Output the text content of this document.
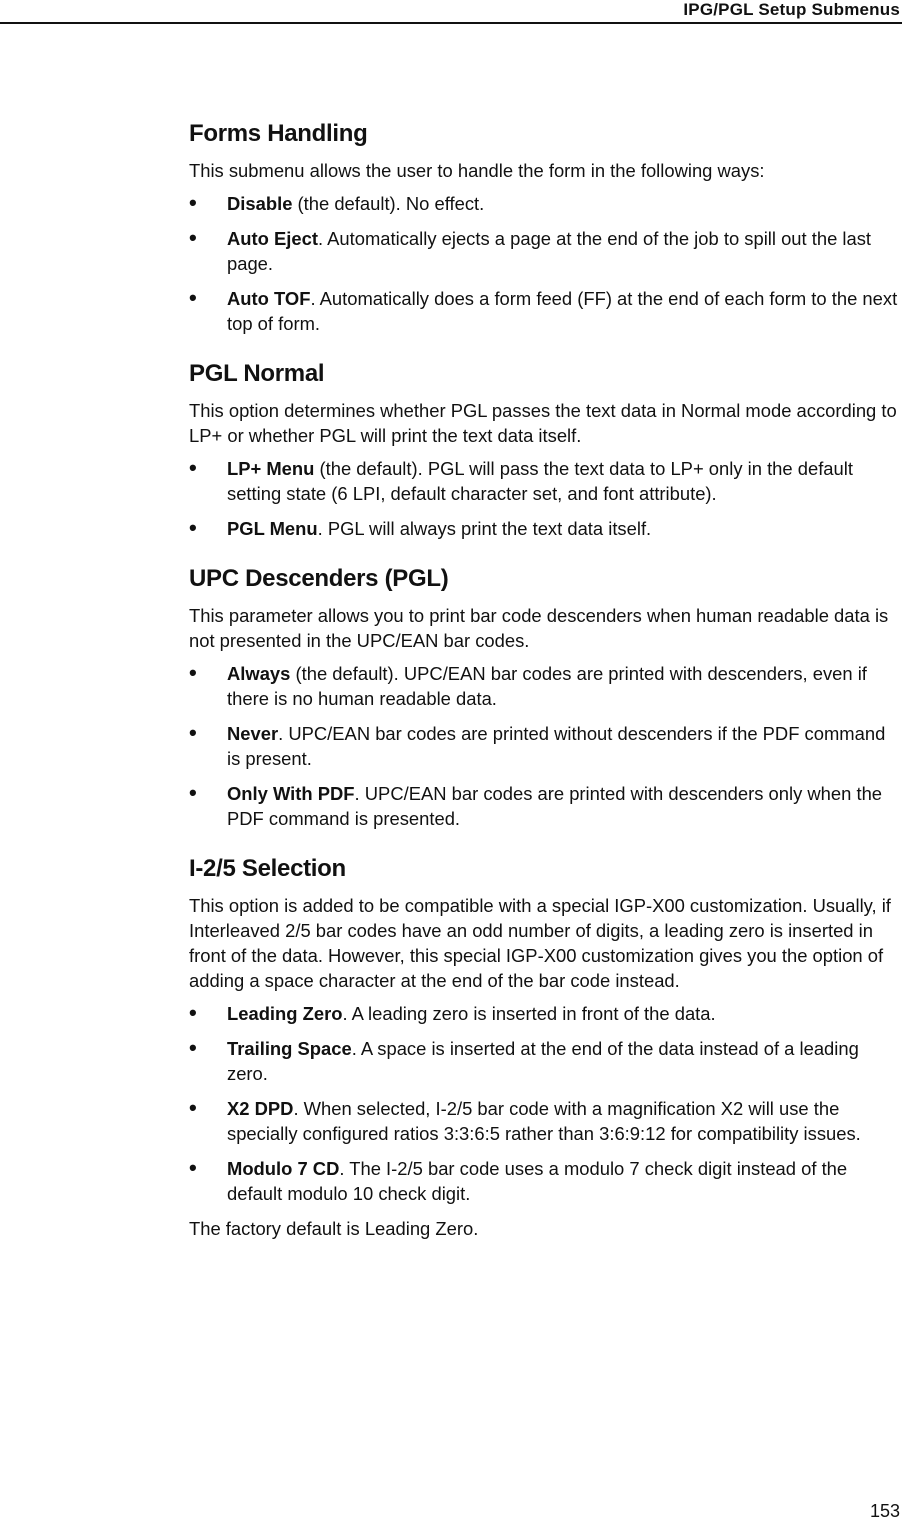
IPG/PGL Setup Submenus
Forms Handling

This submenu allows the user to handle the form in the following ways:

• Disable (the default). No effect.
• Auto Eject. Automatically ejects a page at the end of the job to spill out the last page.
• Auto TOF. Automatically does a form feed (FF) at the end of each form to the next top of form.
PGL Normal

This option determines whether PGL passes the text data in Normal mode according to LP+ or whether PGL will print the text data itself.

• LP+ Menu (the default). PGL will pass the text data to LP+ only in the default setting state (6 LPI, default character set, and font attribute).
• PGL Menu. PGL will always print the text data itself.
UPC Descenders (PGL)

This parameter allows you to print bar code descenders when human readable data is not presented in the UPC/EAN bar codes.

• Always (the default). UPC/EAN bar codes are printed with descenders, even if there is no human readable data.
• Never. UPC/EAN bar codes are printed without descenders if the PDF command is present.
• Only With PDF. UPC/EAN bar codes are printed with descenders only when the PDF command is presented.
I-2/5 Selection

This option is added to be compatible with a special IGP-X00 customization. Usually, if Interleaved 2/5 bar codes have an odd number of digits, a leading zero is inserted in front of the data. However, this special IGP-X00 customization gives you the option of adding a space character at the end of the bar code instead.

• Leading Zero. A leading zero is inserted in front of the data.
• Trailing Space. A space is inserted at the end of the data instead of a leading zero.
• X2 DPD. When selected, I-2/5 bar code with a magnification X2 will use the specially configured ratios 3:3:6:5 rather than 3:6:9:12 for compatibility issues.
• Modulo 7 CD. The I-2/5 bar code uses a modulo 7 check digit instead of the default modulo 10 check digit.

The factory default is Leading Zero.

153
